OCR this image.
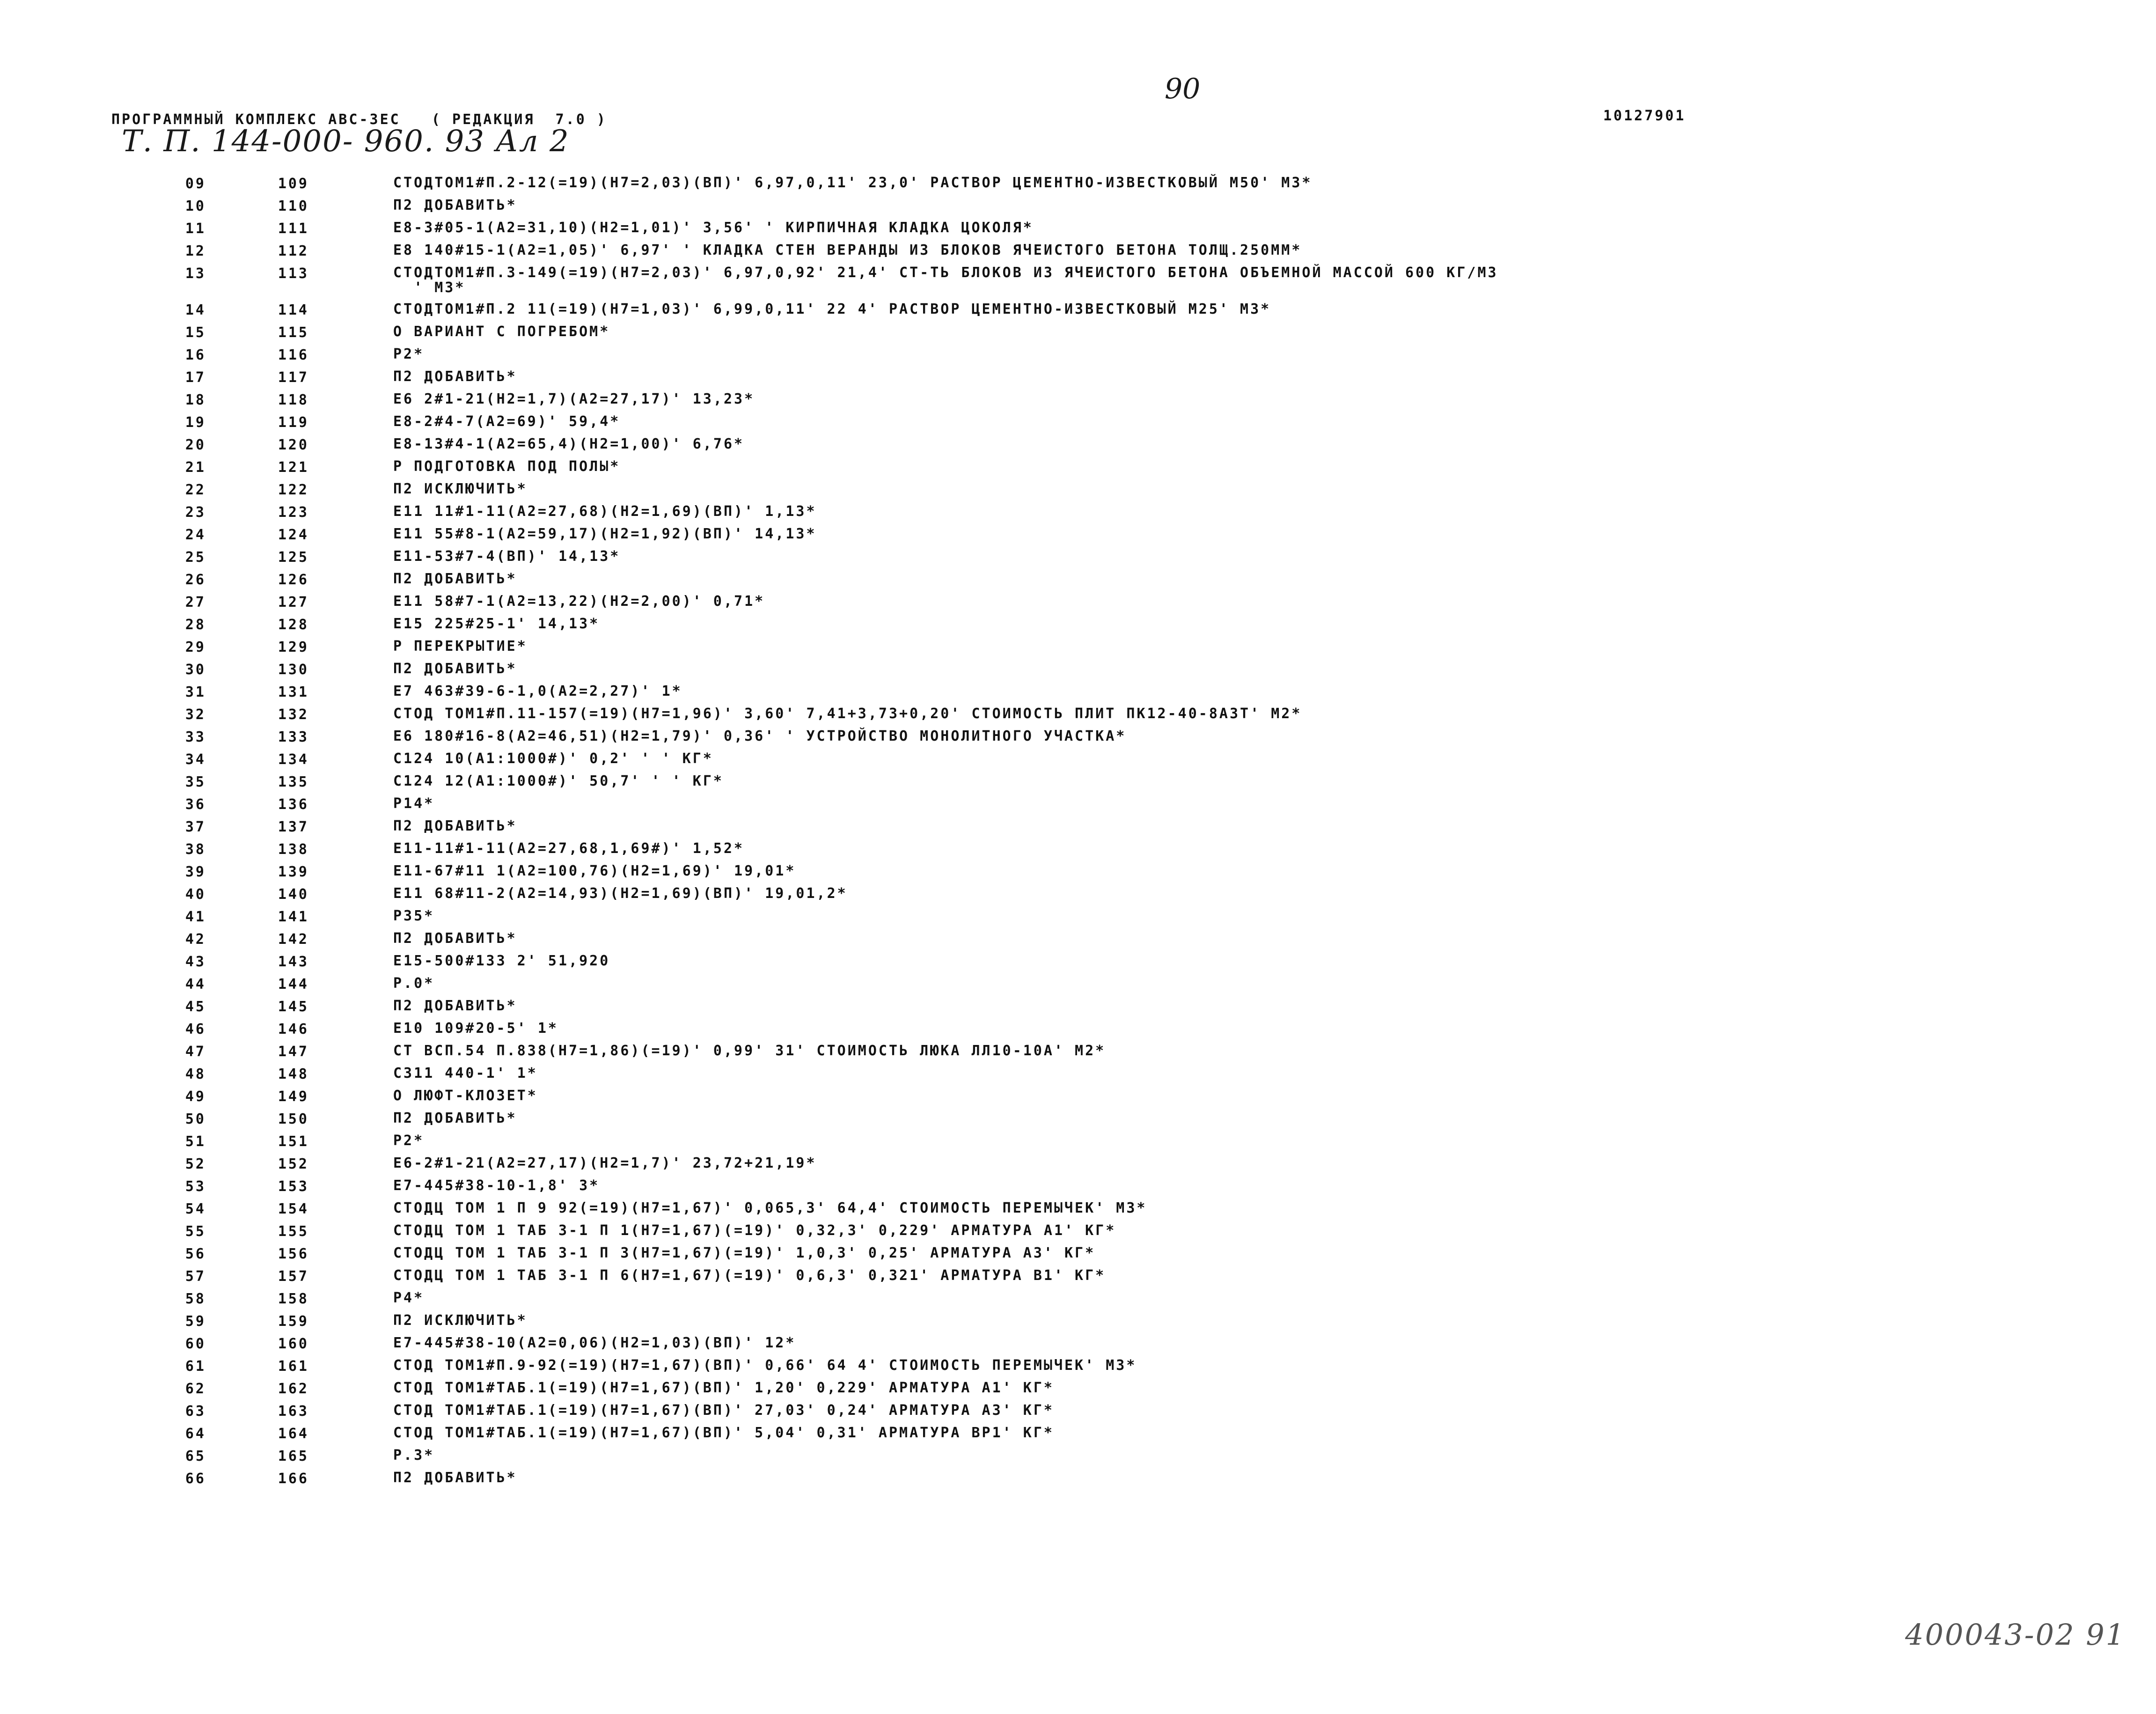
90
ПРОГРАММНЫЙ КОМПЛЕКС АВС-3ЕС   ( РЕДАКЦИЯ  7.0 )	10127901
Т. П. 144-000- 960. 93 Ал 2
09	109	СТОДТОМ1#П.2-12(=19)(Н7=2,03)(ВП)' 6,97,0,11' 23,0' РАСТВОР ЦЕМЕНТНО-ИЗВЕСТКОВЫЙ М50' М3*
10	110	П2 ДОБАВИТЬ*
11	111	Е8-3#05-1(А2=31,10)(Н2=1,01)' 3,56' ' КИРПИЧНАЯ КЛАДКА ЦОКОЛЯ*
12	112	Е8 140#15-1(А2=1,05)' 6,97' ' КЛАДКА СТЕН ВЕРАНДЫ ИЗ БЛОКОВ ЯЧЕИСТОГО БЕТОНА ТОЛЩ.250ММ*
13	113	СТОДТОМ1#П.3-149(=19)(Н7=2,03)' 6,97,0,92' 21,4' СТ-ТЬ БЛОКОВ ИЗ ЯЧЕИСТОГО БЕТОНА ОБЪЕМНОЙ МАССОЙ 600 КГ/М3
' М3*
14	114	СТОДТОМ1#П.2 11(=19)(Н7=1,03)' 6,99,0,11' 22 4' РАСТВОР ЦЕМЕНТНО-ИЗВЕСТКОВЫЙ М25' М3*
15	115	О ВАРИАНТ С ПОГРЕБОМ*
16	116	Р2*
17	117	П2 ДОБАВИТЬ*
18	118	Е6 2#1-21(Н2=1,7)(А2=27,17)' 13,23*
19	119	Е8-2#4-7(А2=69)' 59,4*
20	120	Е8-13#4-1(А2=65,4)(Н2=1,00)' 6,76*
21	121	Р ПОДГОТОВКА ПОД ПОЛЫ*
22	122	П2 ИСКЛЮЧИТЬ*
23	123	Е11 11#1-11(А2=27,68)(Н2=1,69)(ВП)' 1,13*
24	124	Е11 55#8-1(А2=59,17)(Н2=1,92)(ВП)' 14,13*
25	125	Е11-53#7-4(ВП)' 14,13*
26	126	П2 ДОБАВИТЬ*
27	127	Е11 58#7-1(А2=13,22)(Н2=2,00)' 0,71*
28	128	Е15 225#25-1' 14,13*
29	129	Р ПЕРЕКРЫТИЕ*
30	130	П2 ДОБАВИТЬ*
31	131	Е7 463#39-6-1,0(А2=2,27)' 1*
32	132	СТОД ТОМ1#П.11-157(=19)(Н7=1,96)' 3,60' 7,41+3,73+0,20' СТОИМОСТЬ ПЛИТ ПК12-40-8АЗТ' М2*
33	133	Е6 180#16-8(А2=46,51)(Н2=1,79)' 0,36' ' УСТРОЙСТВО МОНОЛИТНОГО УЧАСТКА*
34	134	С124 10(А1:1000#)' 0,2' ' ' КГ*
35	135	С124 12(А1:1000#)' 50,7' ' ' КГ*
36	136	Р14*
37	137	П2 ДОБАВИТЬ*
38	138	Е11-11#1-11(А2=27,68,1,69#)' 1,52*
39	139	Е11-67#11 1(А2=100,76)(Н2=1,69)' 19,01*
40	140	Е11 68#11-2(А2=14,93)(Н2=1,69)(ВП)' 19,01,2*
41	141	Р35*
42	142	П2 ДОБАВИТЬ*
43	143	Е15-500#133 2' 51,920
44	144	Р.0*
45	145	П2 ДОБАВИТЬ*
46	146	Е10 109#20-5' 1*
47	147	СТ ВСП.54 П.838(Н7=1,86)(=19)' 0,99' 31' СТОИМОСТЬ ЛЮКА ЛЛ10-10А' М2*
48	148	С311 440-1' 1*
49	149	О ЛЮФТ-КЛОЗЕТ*
50	150	П2 ДОБАВИТЬ*
51	151	Р2*
52	152	Е6-2#1-21(А2=27,17)(Н2=1,7)' 23,72+21,19*
53	153	Е7-445#38-10-1,8' 3*
54	154	СТОДЦ ТОМ 1 П 9 92(=19)(Н7=1,67)' 0,065,3' 64,4' СТОИМОСТЬ ПЕРЕМЫЧЕК' М3*
55	155	СТОДЦ ТОМ 1 ТАБ 3-1 П 1(Н7=1,67)(=19)' 0,32,3' 0,229' АРМАТУРА А1' КГ*
56	156	СТОДЦ ТОМ 1 ТАБ 3-1 П 3(Н7=1,67)(=19)' 1,0,3' 0,25' АРМАТУРА А3' КГ*
57	157	СТОДЦ ТОМ 1 ТАБ 3-1 П 6(Н7=1,67)(=19)' 0,6,3' 0,321' АРМАТУРА В1' КГ*
58	158	Р4*
59	159	П2 ИСКЛЮЧИТЬ*
60	160	Е7-445#38-10(А2=0,06)(Н2=1,03)(ВП)' 12*
61	161	СТОД ТОМ1#П.9-92(=19)(Н7=1,67)(ВП)' 0,66' 64 4' СТОИМОСТЬ ПЕРЕМЫЧЕК' М3*
62	162	СТОД ТОМ1#ТАБ.1(=19)(Н7=1,67)(ВП)' 1,20' 0,229' АРМАТУРА А1' КГ*
63	163	СТОД ТОМ1#ТАБ.1(=19)(Н7=1,67)(ВП)' 27,03' 0,24' АРМАТУРА А3' КГ*
64	164	СТОД ТОМ1#ТАБ.1(=19)(Н7=1,67)(ВП)' 5,04' 0,31' АРМАТУРА ВР1' КГ*
65	165	Р.3*
66	166	П2 ДОБАВИТЬ*
400043-02 91
